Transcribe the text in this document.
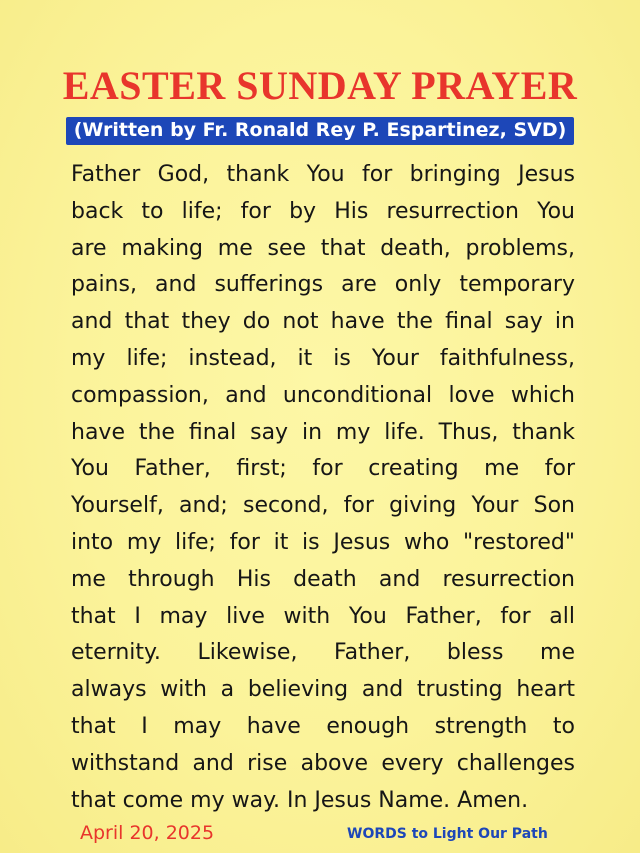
EASTER SUNDAY PRAYER
(Written by Fr. Ronald Rey P. Espartinez, SVD)
Father God, thank You for bringing Jesus
back to life; for by His resurrection You
are making me see that death, problems,
pains, and sufferings are only temporary
and that they do not have the final say in
my life; instead, it is Your faithfulness,
compassion, and unconditional love which
have the final say in my life. Thus, thank
You Father, first; for creating me for
Yourself, and; second, for giving Your Son
into my life; for it is Jesus who "restored"
me through His death and resurrection
that I may live with You Father, for all
eternity. Likewise, Father, bless me
always with a believing and trusting heart
that I may have enough strength to
withstand and rise above every challenges
that come my way. In Jesus Name. Amen.
April 20, 2025	WORDS to Light Our Path
